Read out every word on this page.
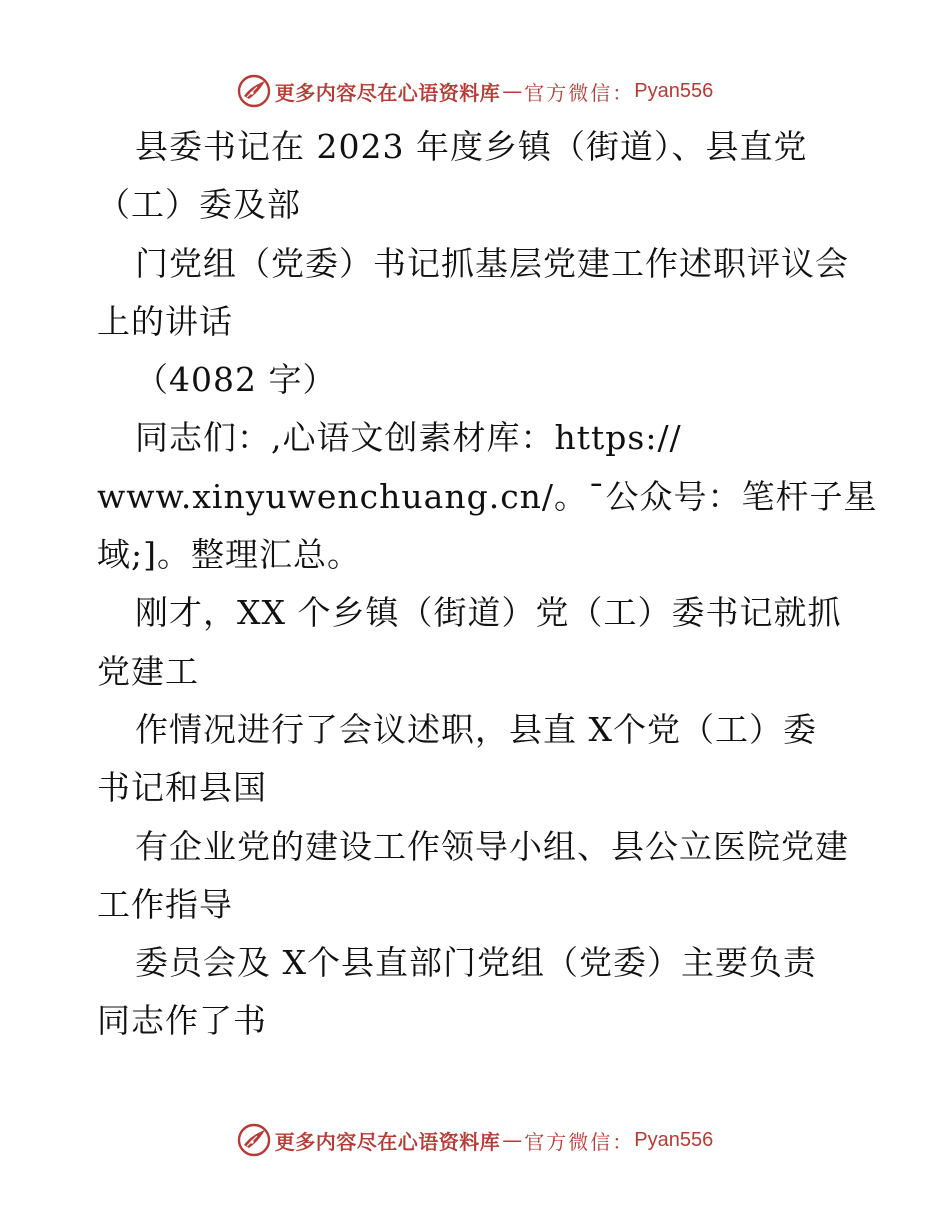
更多内容尽在心语资料库 — 官方微信： Pyan556
县委书记在 2023 年度乡镇（街道）、县直党
（工）委及部
门党组（党委）书记抓基层党建工作述职评议会
上的讲话
（4082 字）
同志们：,心语文创素材库：https://
www.xinyuwenchuang.cn/。¯公众号：笔杆子星
域;]。整理汇总。
刚才，XX 个乡镇（街道）党（工）委书记就抓
党建工
作情况进行了会议述职，县直 X个党（工）委
书记和县国
有企业党的建设工作领导小组、县公立医院党建
工作指导
委员会及 X个县直部门党组（党委）主要负责
同志作了书
更多内容尽在心语资料库 — 官方微信： Pyan556
